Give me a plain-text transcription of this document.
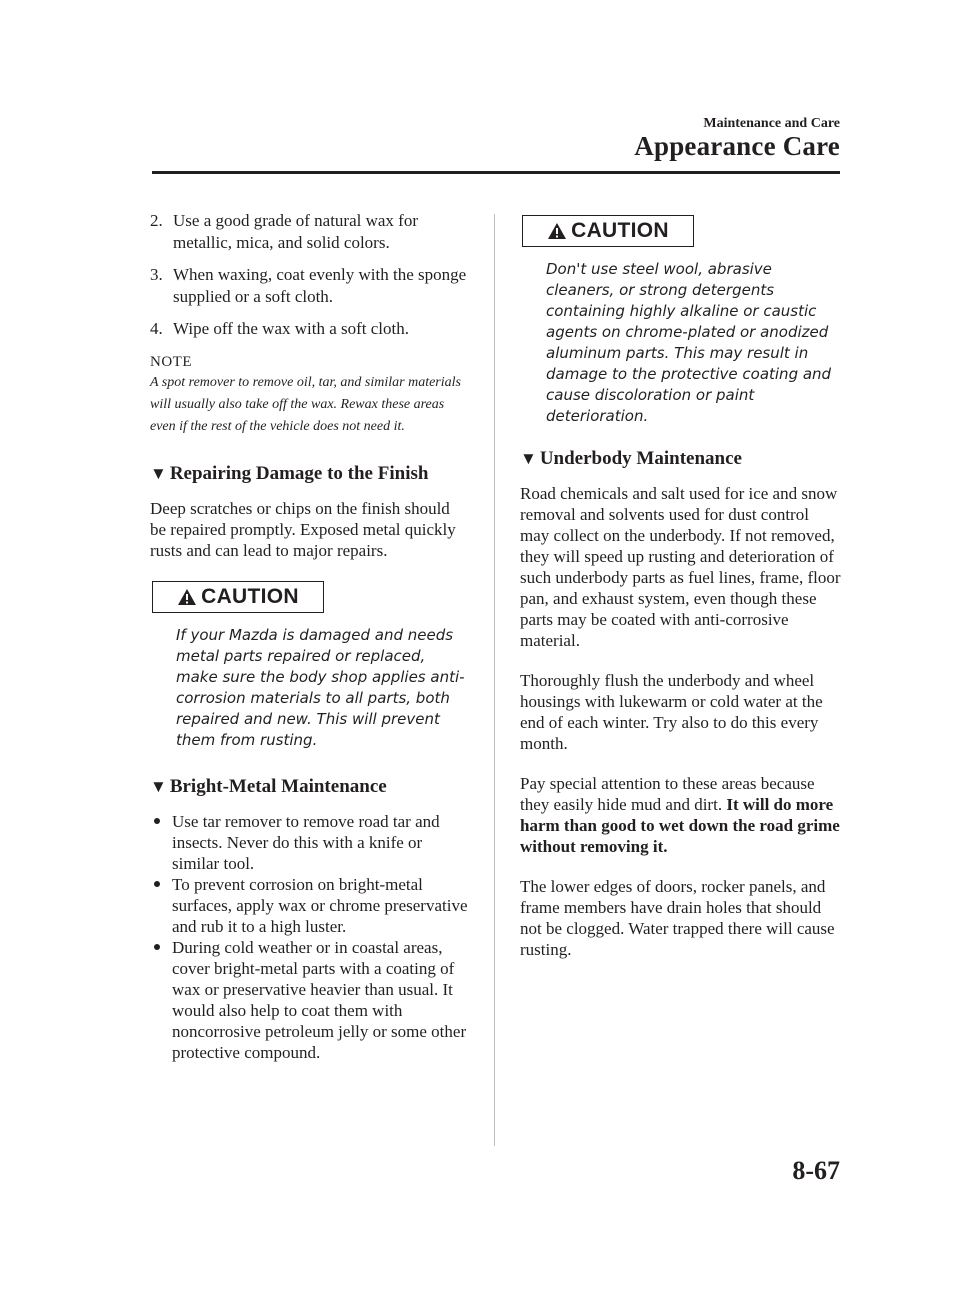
Maintenance and Care
Appearance Care
2. Use a good grade of natural wax for metallic, mica, and solid colors.
3. When waxing, coat evenly with the sponge supplied or a soft cloth.
4. Wipe off the wax with a soft cloth.
NOTE
A spot remover to remove oil, tar, and similar materials will usually also take off the wax. Rewax these areas even if the rest of the vehicle does not need it.
▼ Repairing Damage to the Finish
Deep scratches or chips on the finish should be repaired promptly. Exposed metal quickly rusts and can lead to major repairs.
CAUTION
If your Mazda is damaged and needs metal parts repaired or replaced, make sure the body shop applies anti-corrosion materials to all parts, both repaired and new. This will prevent them from rusting.
▼ Bright-Metal Maintenance
Use tar remover to remove road tar and insects. Never do this with a knife or similar tool.
To prevent corrosion on bright-metal surfaces, apply wax or chrome preservative and rub it to a high luster.
During cold weather or in coastal areas, cover bright-metal parts with a coating of wax or preservative heavier than usual. It would also help to coat them with noncorrosive petroleum jelly or some other protective compound.
CAUTION
Don't use steel wool, abrasive cleaners, or strong detergents containing highly alkaline or caustic agents on chrome-plated or anodized aluminum parts. This may result in damage to the protective coating and cause discoloration or paint deterioration.
▼ Underbody Maintenance
Road chemicals and salt used for ice and snow removal and solvents used for dust control may collect on the underbody. If not removed, they will speed up rusting and deterioration of such underbody parts as fuel lines, frame, floor pan, and exhaust system, even though these parts may be coated with anti-corrosive material.
Thoroughly flush the underbody and wheel housings with lukewarm or cold water at the end of each winter. Try also to do this every month.
Pay special attention to these areas because they easily hide mud and dirt. It will do more harm than good to wet down the road grime without removing it.
The lower edges of doors, rocker panels, and frame members have drain holes that should not be clogged. Water trapped there will cause rusting.
8-67
